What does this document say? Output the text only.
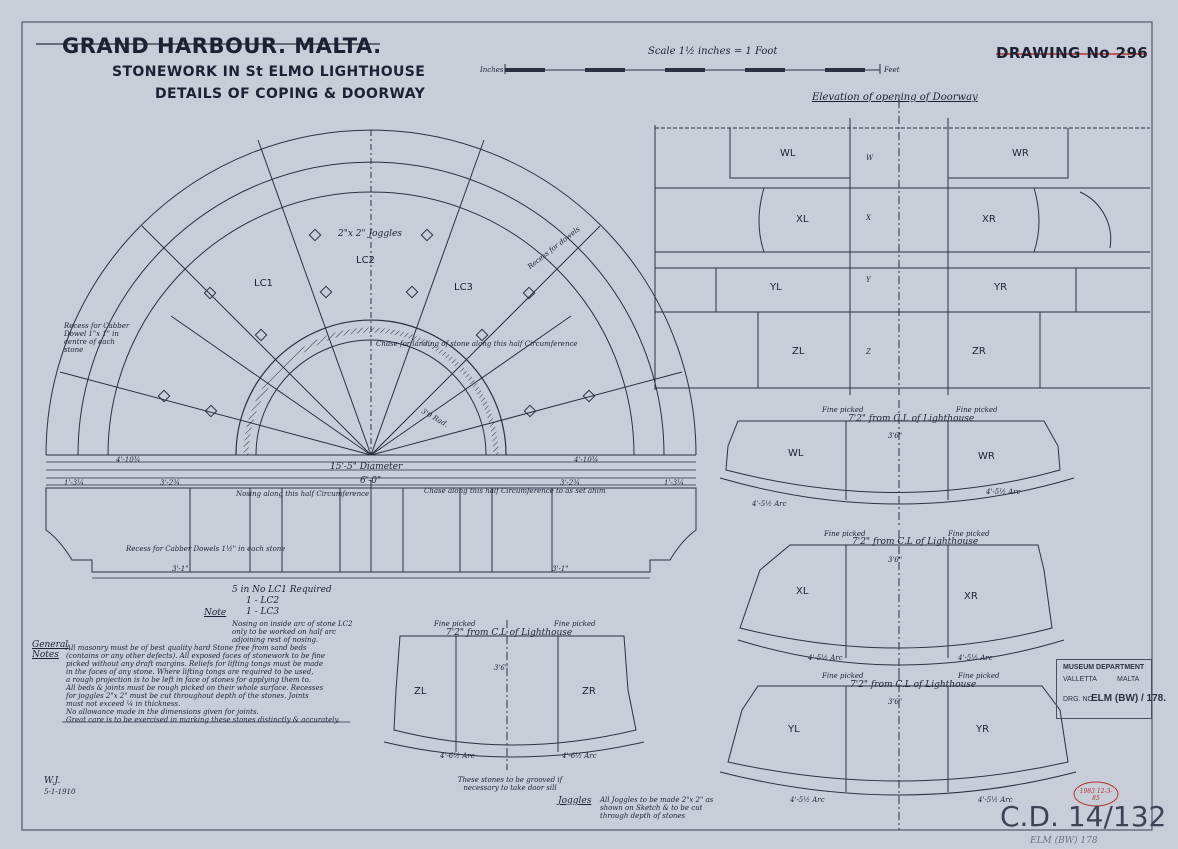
GRAND HARBOUR. MALTA.
STONEWORK IN St ELMO LIGHTHOUSE
DETAILS OF COPING & DOORWAY
DRAWING No 296
Scale 1½ inches = 1 Foot
Inches	Feet
LC1
LC2
LC3
2"x 2" Joggles
Recess for Cabber Dowel 1"x 1" in centre of each stone
Recess for dowels
Chase for landing of stone along this half Circumference
3'0 Rad.
15'-5" Diameter
6'-0"
4'-10¾	4'-10¾
1'-3¼	3'-2¾	3'-2¾	1'-3¼
Nosing along this half Circumference	Chase along this half Circumference to as set ahim
Recess for Cabber Dowels 1½" in each stone
3'-1"	3'-1"
5 in No LC1 Required
1 - LC2
1 - LC3
Note
Nosing on inside arc of stone LC2 only to be worked on half arc adjoining rest of nosing.
General Notes
All masonry must be of best quality hard Stone free from sand beds
(contains or any other defects). All exposed faces of stonework to be fine
picked without any draft margins. Reliefs for lifting tongs must be made
in the faces of any stone. Where lifting tongs are required to be used,
a rough projection is to be left in face of stones for applying them to.
All beds & joints must be rough picked on their whole surface. Recesses
for joggles 2"x 2" must be cut throughout depth of the stones. Joints
must not exceed ¼ in thickness.
No allowance made in the dimensions given for joints.
Great care is to be exercised in marking these stones distinctly & accurately.
W.J.
5-1-1910
Elevation of opening of Doorway
WL	WR
XL	XR
YL	YR
ZL	ZR
W
X
Y
Z
WL	WR
XL	XR
YL	YR
ZL	ZR
Fine picked	Fine picked
7'2" from C.L of Lighthouse
3'6"
4'-5½ Arc
4'-5½ Arc
Fine picked	Fine picked
7'2" from C.L of Lighthouse
3'6"
4'-5½ Arc	4'-5½ Arc
Fine picked	Fine picked
7'2" from C.L of Lighthouse
3'6"
4'-5½ Arc	4'-5½ Arc
Fine picked	Fine picked
7'2" from C.L of Lighthouse
3'6"
4'-6½ Arc	4'-6½ Arc
These stones to be grooved if necessary to take door sill
Joggles All Joggles to be made 2"x 2" as shown on Sketch & to be cut through depth of stones
MUSEUM DEPARTMENT
VALLETTA	MALTA
DRG. NO.
ELM (BW) / 178.
C.D. 14/132
ELM (BW) 178
1983 12-3-85
